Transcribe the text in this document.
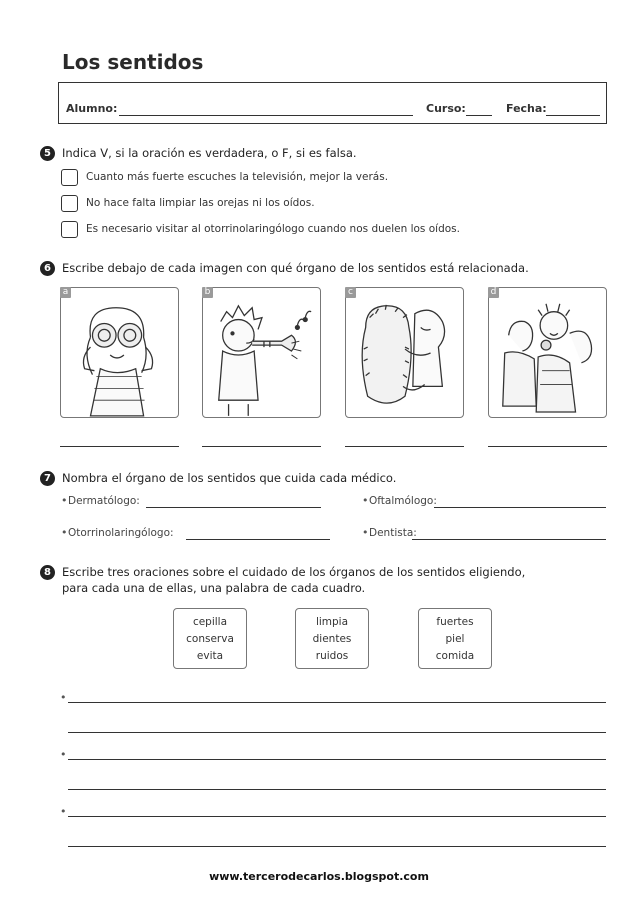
Los sentidos
Alumno:	Curso:	Fecha:
5 Indica V, si la oración es verdadera, o F, si es falsa.
Cuanto más fuerte escuches la televisión, mejor la verás.
No hace falta limpiar las orejas ni los oídos.
Es necesario visitar al otorrinolaringólogo cuando nos duelen los oídos.
6 Escribe debajo de cada imagen con qué órgano de los sentidos está relacionada.
a	b	c	d
7 Nombra el órgano de los sentidos que cuida cada médico.
• Dermatólogo:	• Oftalmólogo:
• Otorrinolaringólogo:	• Dentista:
8 Escribe tres oraciones sobre el cuidado de los órganos de los sentidos eligiendo,
para cada una de ellas, una palabra de cada cuadro.
cepilla
conserva
evita
limpia
dientes
ruidos
fuertes
piel
comida
•
•
•
www.tercerodecarlos.blogspot.com
